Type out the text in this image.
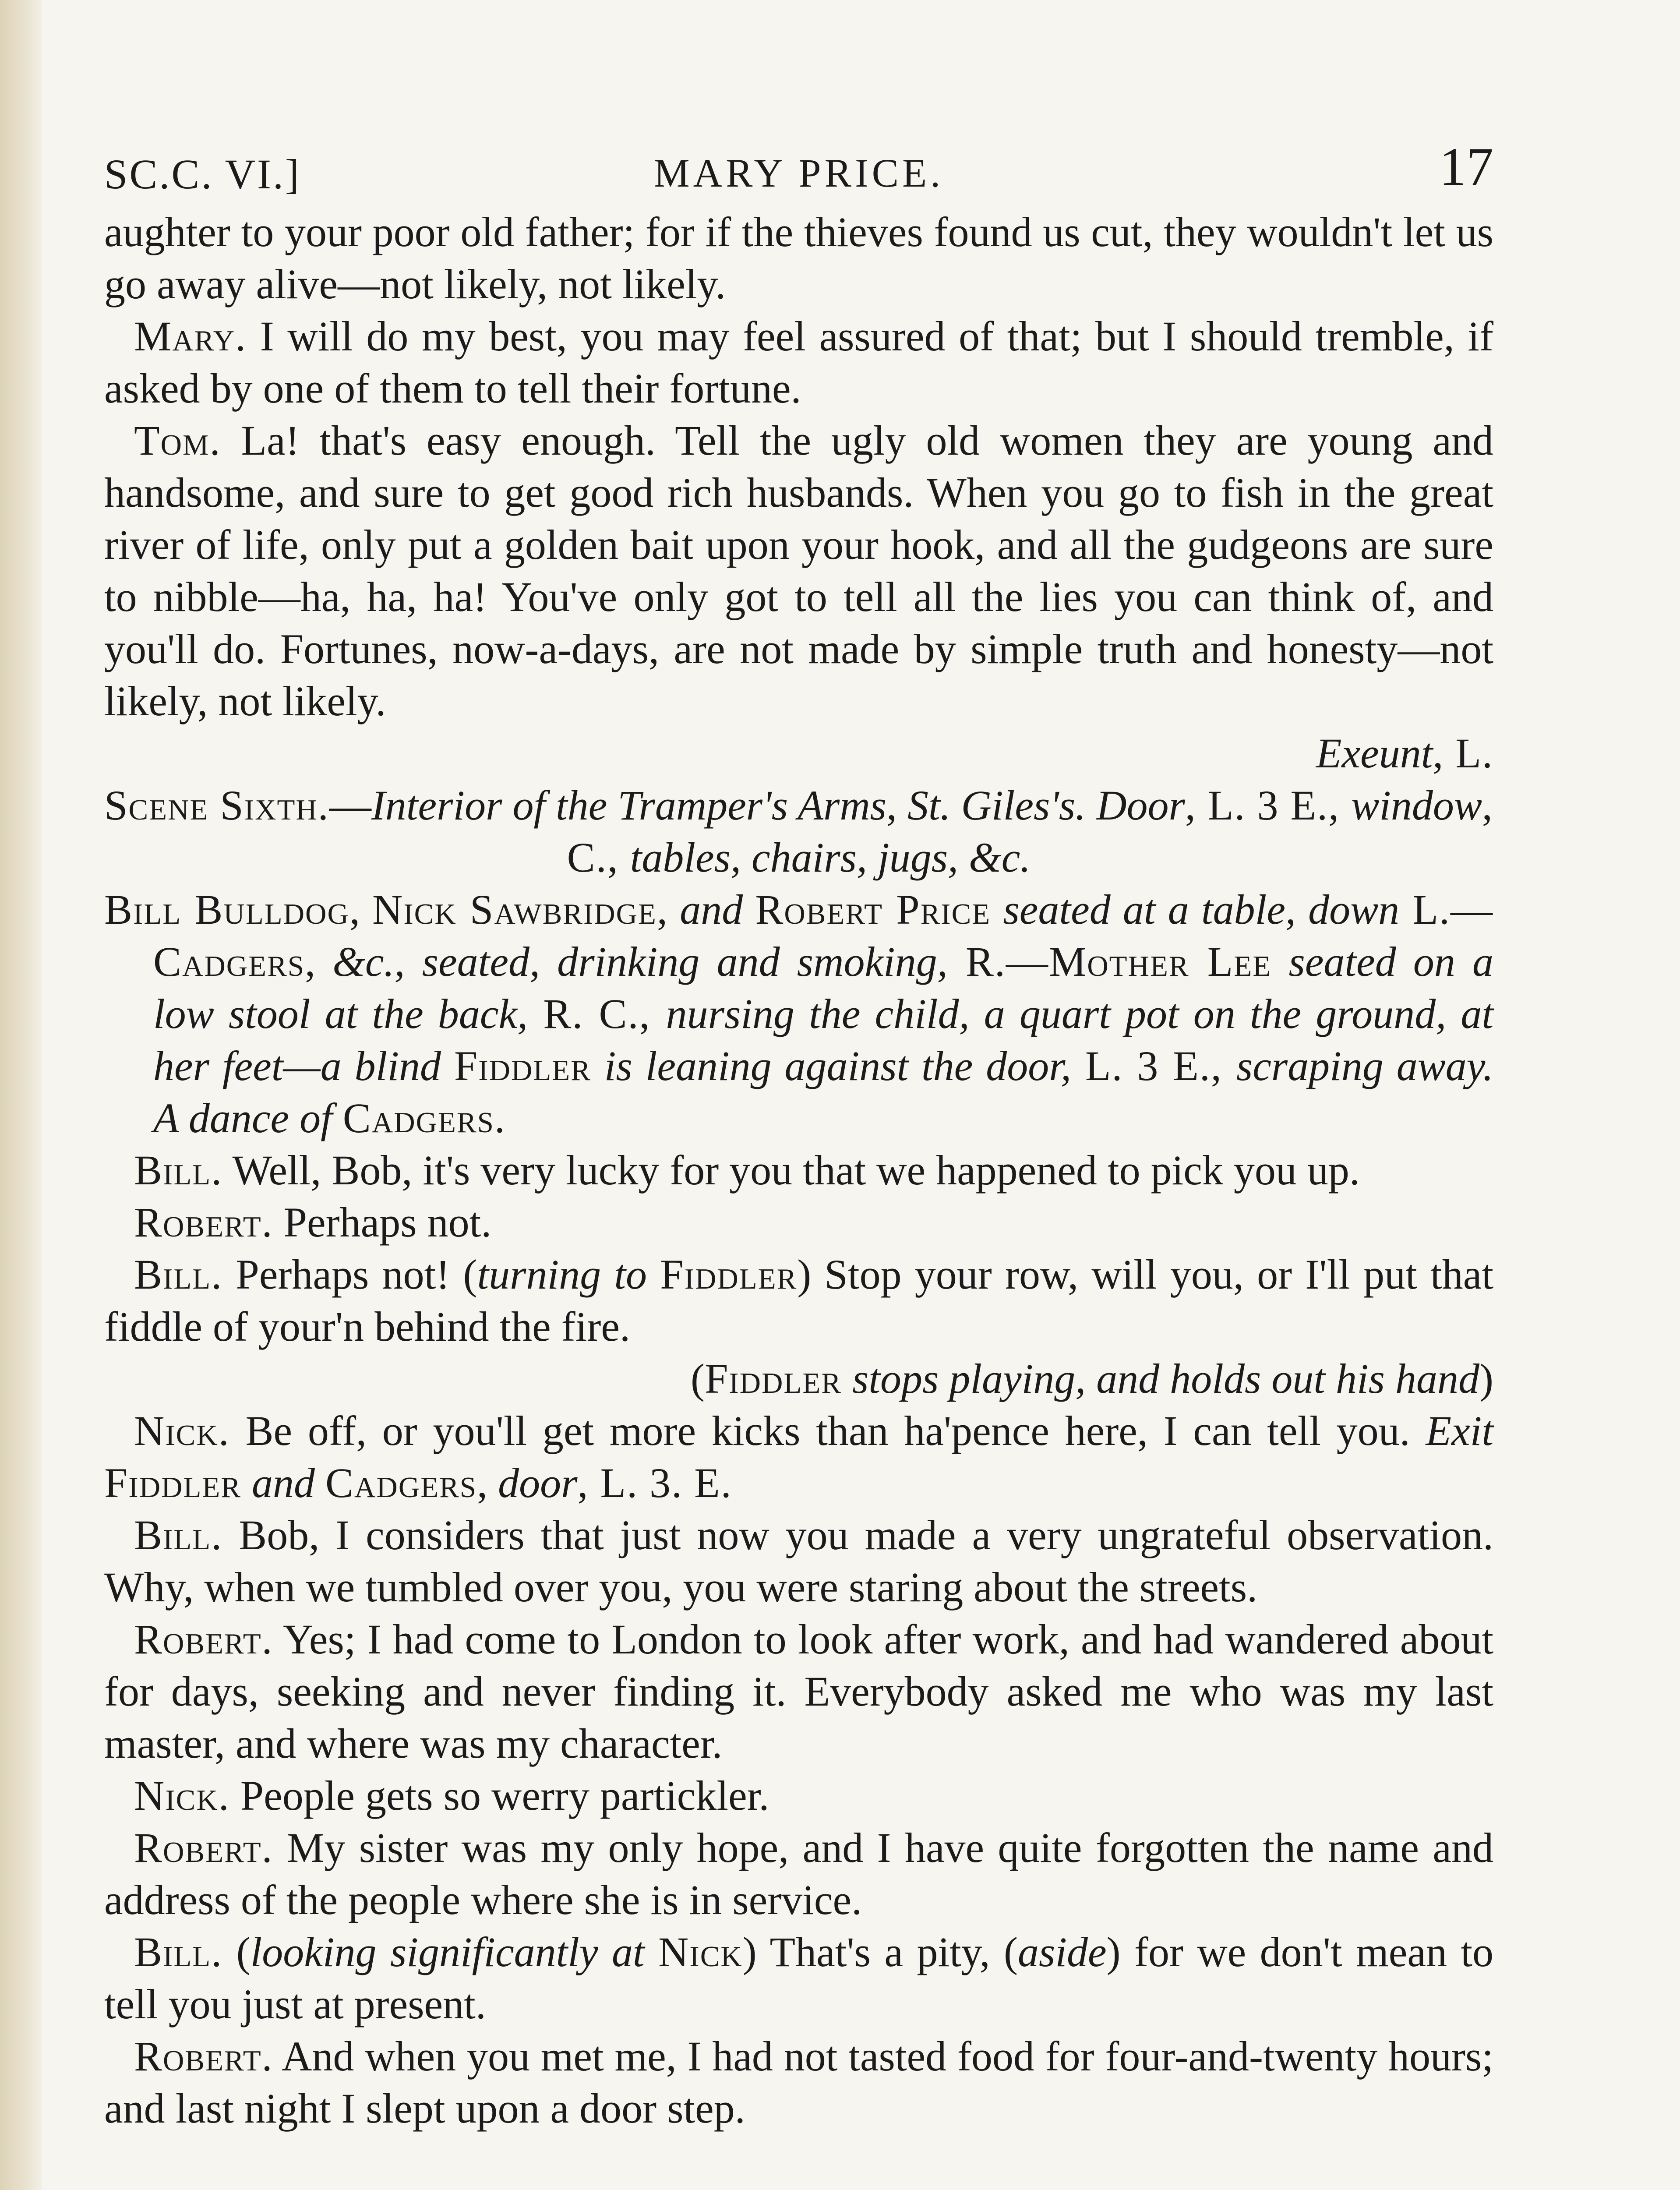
SC.C. VI.]	MARY PRICE.	17

aughter to your poor old father; for if the thieves found us cut, they wouldn't let us go away alive—not likely, not likely.

Mary. I will do my best, you may feel assured of that; but I should tremble, if asked by one of them to tell their fortune.

Tom. La! that's easy enough. Tell the ugly old women they are young and handsome, and sure to get good rich husbands. When you go to fish in the great river of life, only put a golden bait upon your hook, and all the gudgeons are sure to nibble—ha, ha, ha! You've only got to tell all the lies you can think of, and you'll do. Fortunes, now-a-days, are not made by simple truth and honesty—not likely, not likely.

Exeunt, L.

Scene Sixth.—Interior of the Tramper's Arms, St. Giles's. Door, L. 3 E., window, C., tables, chairs, jugs, &c.

Bill Bulldog, Nick Sawbridge, and Robert Price seated at a table, down L.—Cadgers, &c., seated, drinking and smoking, R.—Mother Lee seated on a low stool at the back, R. C., nursing the child, a quart pot on the ground, at her feet—a blind Fiddler is leaning against the door, L. 3 E., scraping away. A dance of Cadgers.

Bill. Well, Bob, it's very lucky for you that we happened to pick you up.

Robert. Perhaps not.

Bill. Perhaps not! (turning to Fiddler) Stop your row, will you, or I'll put that fiddle of your'n behind the fire.

(Fiddler stops playing, and holds out his hand)

Nick. Be off, or you'll get more kicks than ha'pence here, I can tell you. Exit Fiddler and Cadgers, door, L. 3. E.

Bill. Bob, I considers that just now you made a very ungrateful observation. Why, when we tumbled over you, you were staring about the streets.

Robert. Yes; I had come to London to look after work, and had wandered about for days, seeking and never finding it. Everybody asked me who was my last master, and where was my character.

Nick. People gets so werry partickler.

Robert. My sister was my only hope, and I have quite forgotten the name and address of the people where she is in service.

Bill. (looking significantly at Nick) That's a pity, (aside) for we don't mean to tell you just at present.

Robert. And when you met me, I had not tasted food for four-and-twenty hours; and last night I slept upon a door step.
